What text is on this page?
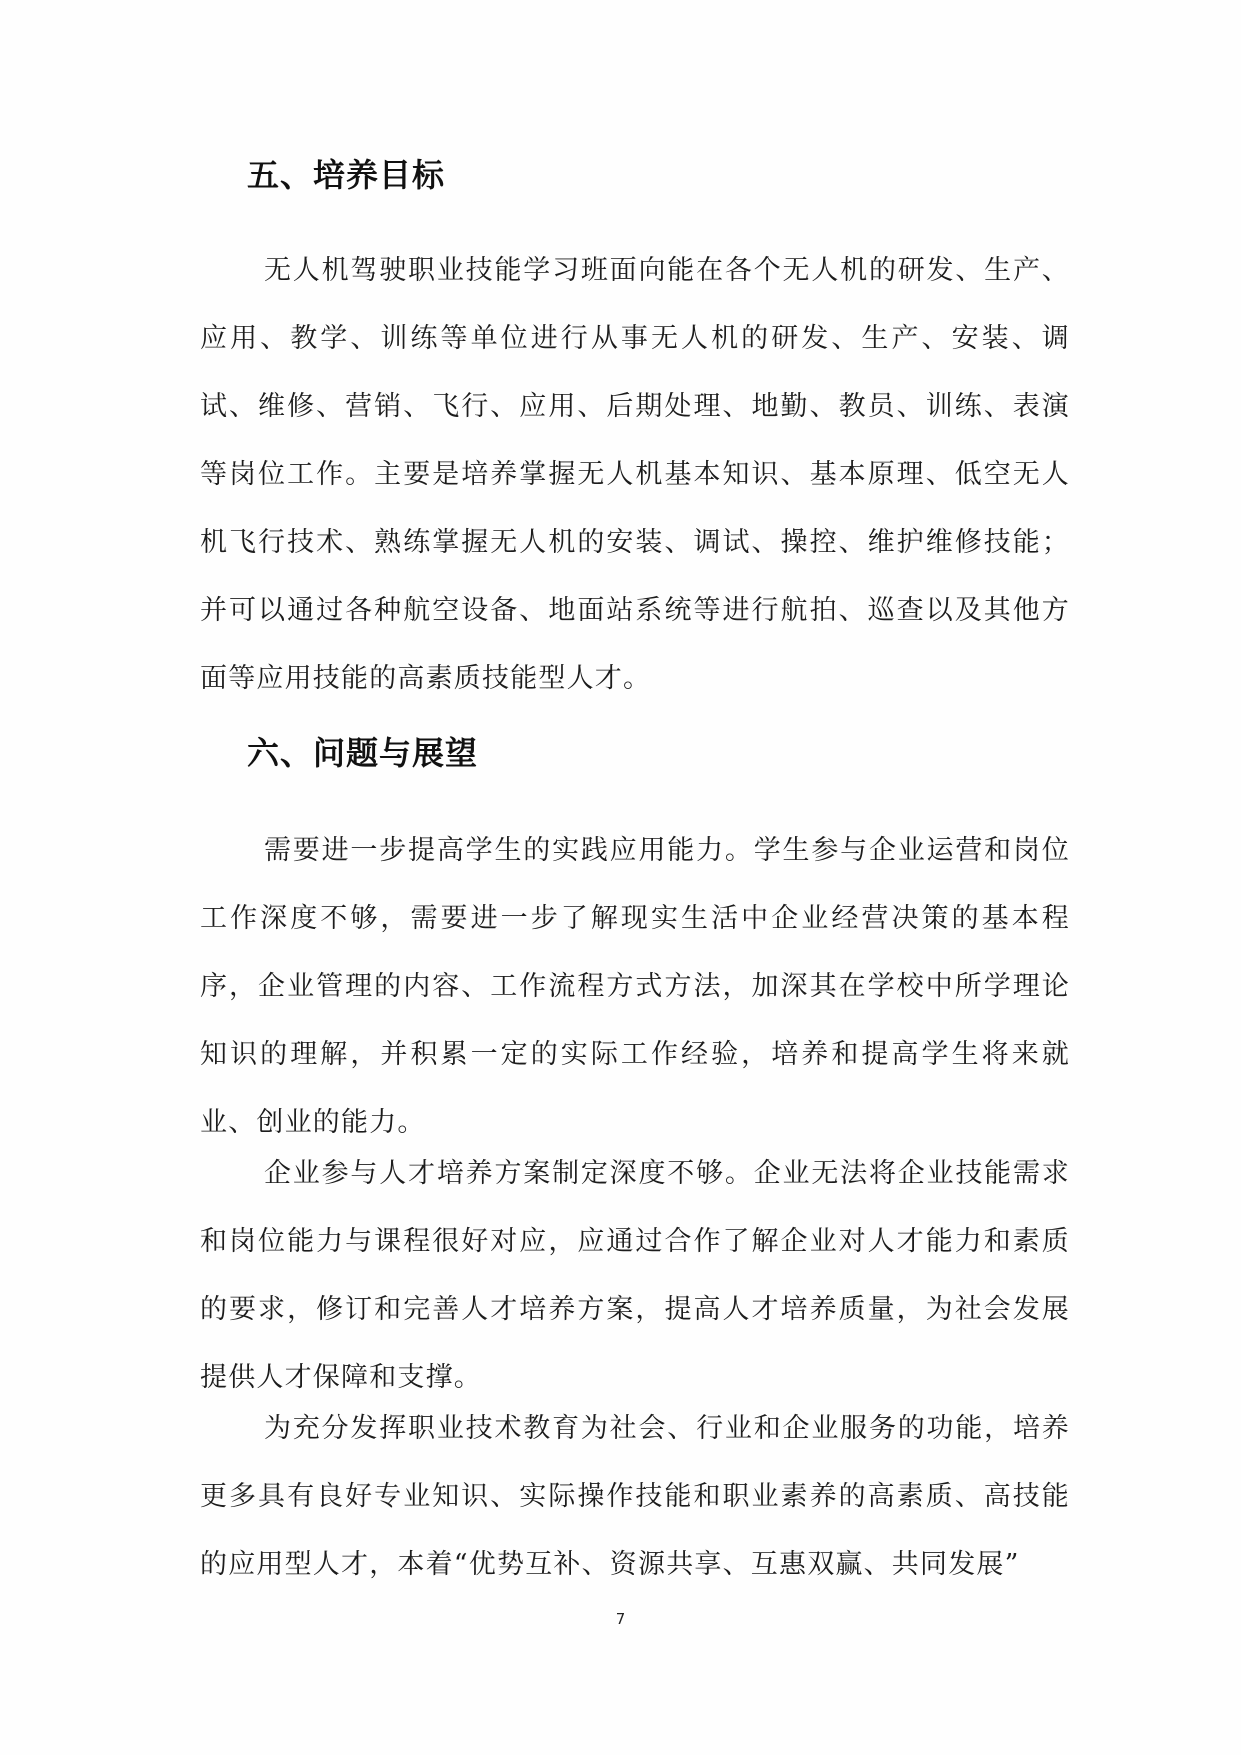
五、培养目标

无人机驾驶职业技能学习班面向能在各个无人机的研发、生产、应用、教学、训练等单位进行从事无人机的研发、生产、安装、调试、维修、营销、飞行、应用、后期处理、地勤、教员、训练、表演等岗位工作。主要是培养掌握无人机基本知识、基本原理、低空无人机飞行技术、熟练掌握无人机的安装、调试、操控、维护维修技能；并可以通过各种航空设备、地面站系统等进行航拍、巡查以及其他方面等应用技能的高素质技能型人才。

六、问题与展望

需要进一步提高学生的实践应用能力。学生参与企业运营和岗位工作深度不够，需要进一步了解现实生活中企业经营决策的基本程序，企业管理的内容、工作流程方式方法，加深其在学校中所学理论知识的理解，并积累一定的实际工作经验，培养和提高学生将来就业、创业的能力。

企业参与人才培养方案制定深度不够。企业无法将企业技能需求和岗位能力与课程很好对应，应通过合作了解企业对人才能力和素质的要求，修订和完善人才培养方案，提高人才培养质量，为社会发展提供人才保障和支撑。

为充分发挥职业技术教育为社会、行业和企业服务的功能，培养更多具有良好专业知识、实际操作技能和职业素养的高素质、高技能的应用型人才，本着“优势互补、资源共享、互惠双赢、共同发展”

7
